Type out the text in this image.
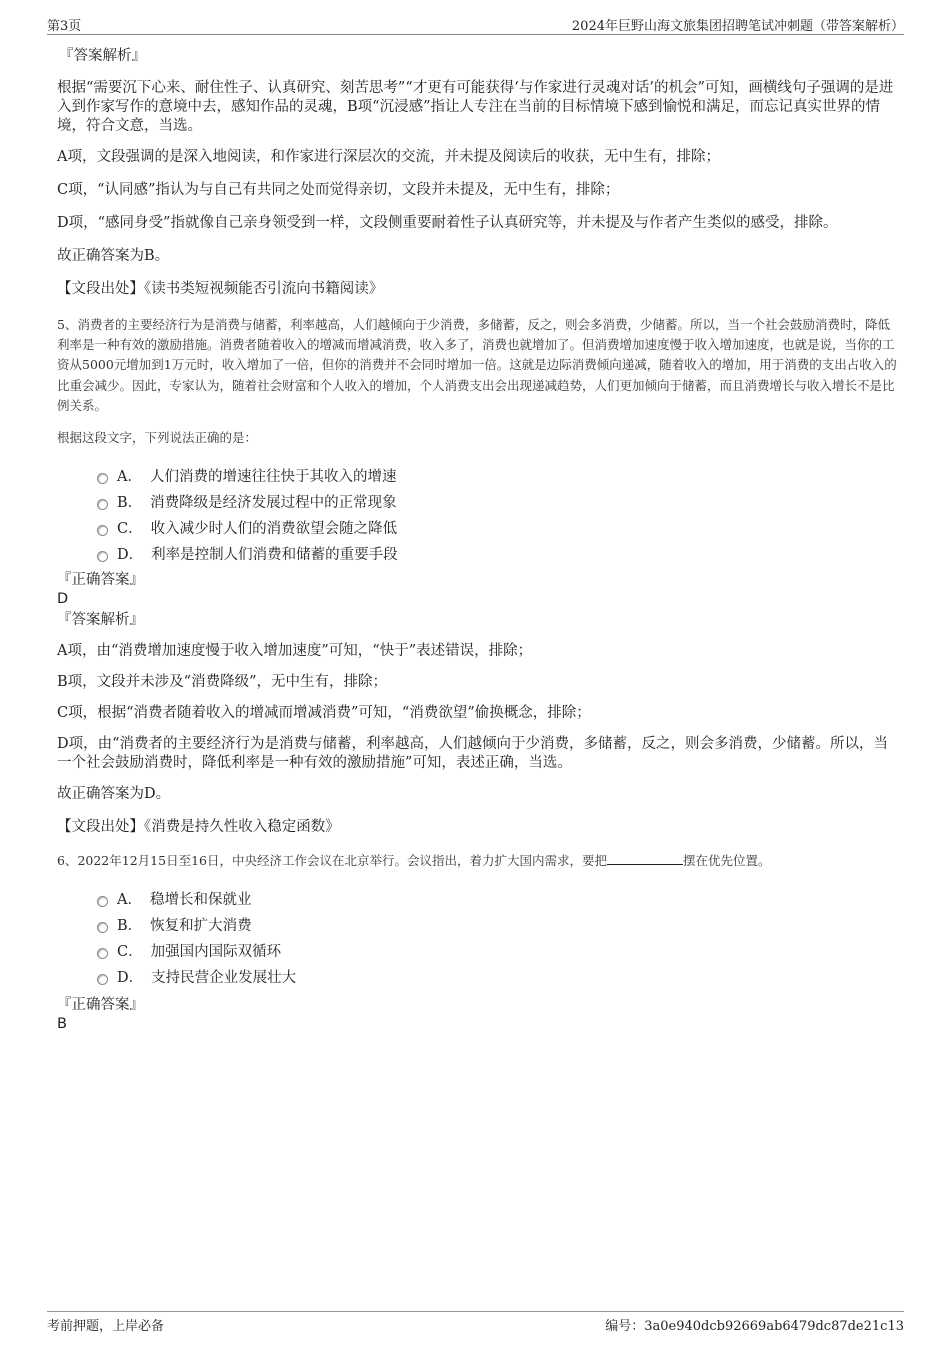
第3页	2024年巨野山海文旅集团招聘笔试冲刺题（带答案解析）
『答案解析』

根据“需要沉下心来、耐住性子、认真研究、刻苦思考”“才更有可能获得‘与作家进行灵魂对话’的机会”可知，画横线句子强调的是进入到作家写作的意境中去，感知作品的灵魂，B项“沉浸感”指让人专注在当前的目标情境下感到愉悦和满足，而忘记真实世界的情境，符合文意，当选。

A项，文段强调的是深入地阅读，和作家进行深层次的交流，并未提及阅读后的收获，无中生有，排除；

C项，“认同感”指认为与自己有共同之处而觉得亲切，文段并未提及，无中生有，排除；

D项，“感同身受”指就像自己亲身领受到一样，文段侧重要耐着性子认真研究等，并未提及与作者产生类似的感受，排除。

故正确答案为B。

【文段出处】《读书类短视频能否引流向书籍阅读》

5、消费者的主要经济行为是消费与储蓄，利率越高，人们越倾向于少消费，多储蓄，反之，则会多消费，少储蓄。所以，当一个社会鼓励消费时，降低利率是一种有效的激励措施。消费者随着收入的增减而增减消费，收入多了，消费也就增加了。但消费增加速度慢于收入增加速度，也就是说，当你的工资从5000元增加到1万元时，收入增加了一倍，但你的消费并不会同时增加一倍。这就是边际消费倾向递减，随着收入的增加，用于消费的支出占收入的比重会减少。因此，专家认为，随着社会财富和个人收入的增加，个人消费支出会出现递减趋势，人们更加倾向于储蓄，而且消费增长与收入增长不是比例关系。

根据这段文字，下列说法正确的是：

A． 人们消费的增速往往快于其收入的增速
B． 消费降级是经济发展过程中的正常现象
C． 收入减少时人们的消费欲望会随之降低
D． 利率是控制人们消费和储蓄的重要手段
『正确答案』
D
『答案解析』

A项，由“消费增加速度慢于收入增加速度”可知，“快于”表述错误，排除；

B项，文段并未涉及“消费降级”，无中生有，排除；

C项，根据“消费者随着收入的增减而增减消费”可知，“消费欲望”偷换概念，排除；

D项，由“消费者的主要经济行为是消费与储蓄，利率越高，人们越倾向于少消费，多储蓄，反之，则会多消费，少储蓄。所以，当一个社会鼓励消费时，降低利率是一种有效的激励措施”可知，表述正确，当选。

故正确答案为D。

【文段出处】《消费是持久性收入稳定函数》

6、2022年12月15日至16日，中央经济工作会议在北京举行。会议指出，着力扩大国内需求，要把	摆在优先位置。

A． 稳增长和保就业
B． 恢复和扩大消费
C． 加强国内国际双循环
D． 支持民营企业发展壮大
『正确答案』
B
考前押题，上岸必备	编号：3a0e940dcb92669ab6479dc87de21c13
